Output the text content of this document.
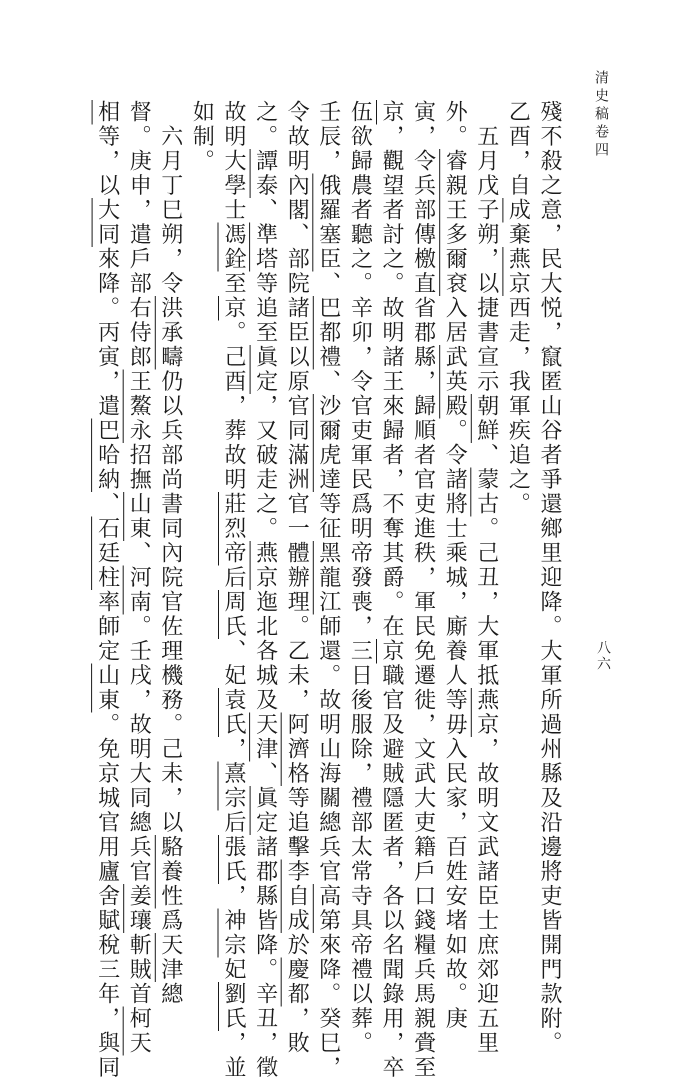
清史稿卷四
八六
殘不殺之意，民大悦，竄匿山谷者爭還鄉里迎降。大軍所過州縣及沿邊將吏皆開門款附。
乙酉，自成棄燕京西走，我軍疾追之。
　五月戊子朔，以捷書宣示朝鮮、蒙古。己丑，大軍抵燕京，故明文武諸臣士庶郊迎五里
外。睿親王多爾袞入居武英殿。令諸將士乘城，廝養人等毋入民家，百姓安堵如故。庚
寅，令兵部傳檄直省郡縣，歸順者官吏進秩，軍民免遷徙，文武大吏籍戶口錢糧兵馬親賫至
京，觀望者討之。故明諸王來歸者，不奪其爵。在京職官及避賊隱匿者，各以名聞錄用，卒
伍欲歸農者聽之。辛卯，令官吏軍民爲明帝發喪，三日後服除，禮部太常寺具帝禮以葬。
壬辰，俄羅塞臣、巴都禮、沙爾虎達等征黑龍江師還。故明山海關總兵官高第來降。癸巳，
令故明內閣、部院諸臣以原官同滿洲官一體辦理。乙未，阿濟格等追擊李自成於慶都，敗
之。譚泰、準塔等追至眞定，又破走之。燕京迤北各城及天津、眞定諸郡縣皆降。辛丑，徵
故明大學士馮銓至京。己酉，葬故明莊烈帝后周氏、妃袁氏，熹宗后張氏，神宗妃劉氏，並
如制。
　六月丁巳朔，令洪承疇仍以兵部尚書同內院官佐理機務。己未，以駱養性爲天津總
督。庚申，遣戶部右侍郎王鰲永招撫山東、河南。壬戌，故明大同總兵官姜瓖斬賊首柯天
相等，以大同來降。丙寅，遣巴哈納、石廷柱率師定山東。免京城官用廬舍賦稅三年，與同
